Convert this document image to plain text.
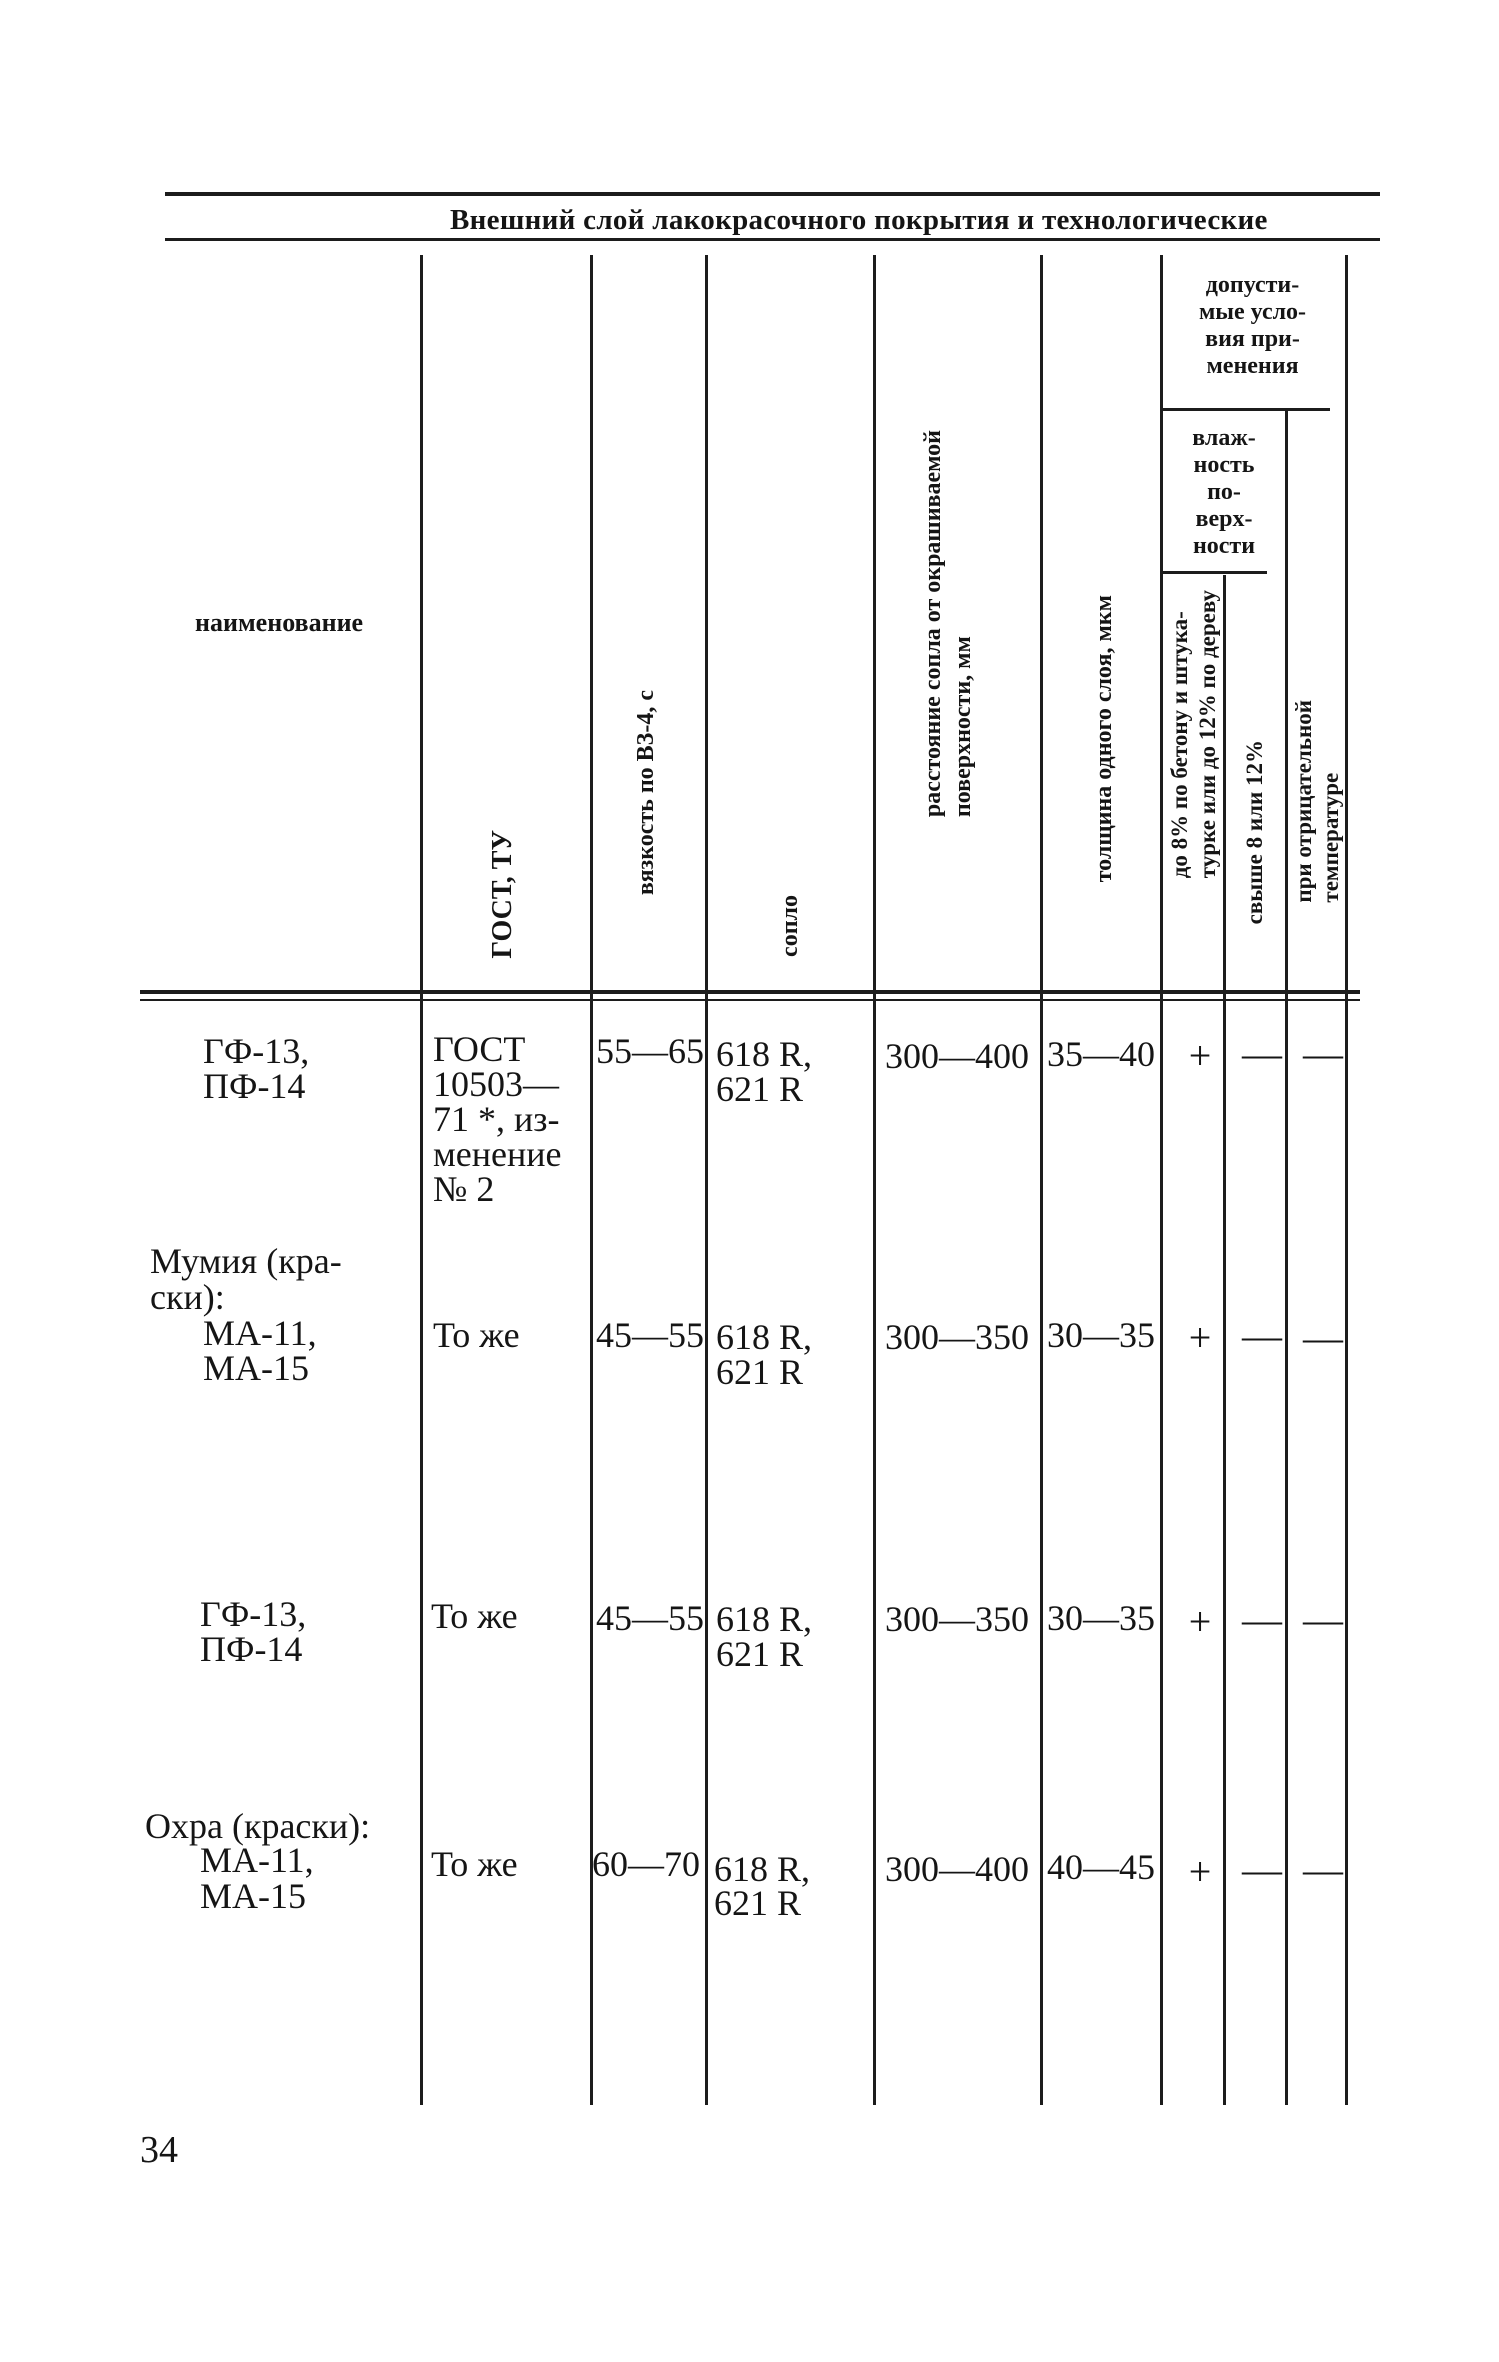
Внешний слой лакокрасочного покрытия и технологические
наименование
ГОСТ, ТУ	вязкость по ВЗ-4, с
сопло
расстояние сопла от окрашиваемой поверхности, мм	толщина одного слоя, мкм
допусти-
мые усло-
вия при-
менения
влаж-
ность
по-
верх-
ности
до 8% по бетону и штука- турке или до 12% по дереву свыше 8 или 12% при отрицательной
температуре
ГФ-13,
ПФ-14
ГОСТ
10503—
71 *, из-
менение
№ 2
55—65 618 R,
621 R
300—400 35—40 + — —
Мумия (кра-
ски):
МА-11,
МА-15
То же 45—55 618 R,
621 R
300—350 30—35 + — —
ГФ-13,
ПФ-14
То же 45—55 618 R,
621 R
300—350 30—35 + — —
Охра (краски):
МА-11,
МА-15
То же 60—70 618 R,
621 R
300—400 40—45 + — —
34
